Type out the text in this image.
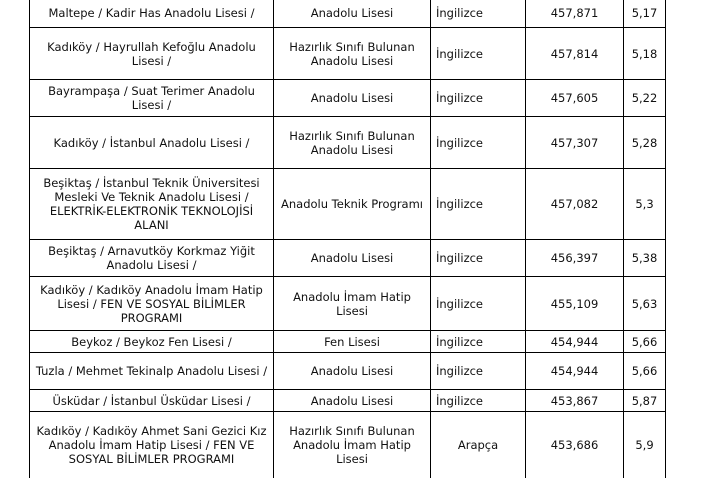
Maltepe / Kadir Has Anadolu Lisesi /	Anadolu Lisesi	İngilizce	457,871	5,17
Kadıköy / Hayrullah Kefoğlu Anadolu Lisesi /	Hazırlık Sınıfı Bulunan Anadolu Lisesi	İngilizce	457,814	5,18
Bayrampaşa / Suat Terimer Anadolu Lisesi /	Anadolu Lisesi	İngilizce	457,605	5,22
Kadıköy / İstanbul Anadolu Lisesi /	Hazırlık Sınıfı Bulunan Anadolu Lisesi	İngilizce	457,307	5,28
Beşiktaş / İstanbul Teknik Üniversitesi Mesleki Ve Teknik Anadolu Lisesi / ELEKTRİK-ELEKTRONİK TEKNOLOJİSİ ALANI	Anadolu Teknik Programı	İngilizce	457,082	5,3
Beşiktaş / Arnavutköy Korkmaz Yiğit Anadolu Lisesi /	Anadolu Lisesi	İngilizce	456,397	5,38
Kadıköy / Kadıköy Anadolu İmam Hatip Lisesi / FEN VE SOSYAL BİLİMLER PROGRAMI	Anadolu İmam Hatip Lisesi	İngilizce	455,109	5,63
Beykoz / Beykoz Fen Lisesi /	Fen Lisesi	İngilizce	454,944	5,66
Tuzla / Mehmet Tekinalp Anadolu Lisesi /	Anadolu Lisesi	İngilizce	454,944	5,66
Üsküdar / İstanbul Üsküdar Lisesi /	Anadolu Lisesi	İngilizce	453,867	5,87
Kadıköy / Kadıköy Ahmet Sani Gezici Kız Anadolu İmam Hatip Lisesi / FEN VE SOSYAL BİLİMLER PROGRAMI	Hazırlık Sınıfı Bulunan Anadolu İmam Hatip Lisesi	Arapça	453,686	5,9
